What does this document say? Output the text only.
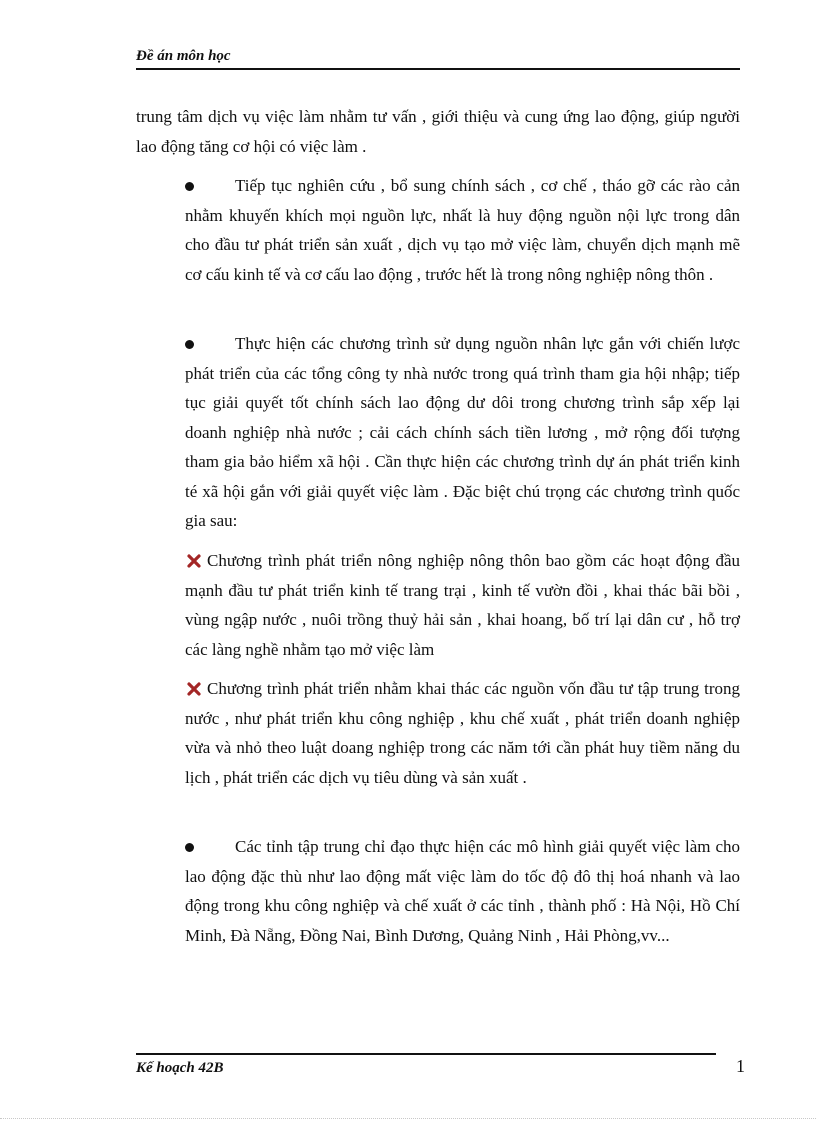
Đề án môn học
trung tâm dịch vụ việc làm nhằm tư vấn , giới thiệu và cung ứng lao động, giúp người lao động tăng cơ hội có việc làm .
Tiếp tục nghiên cứu , bổ sung chính sách , cơ chế , tháo gỡ các rào cản nhằm khuyến khích mọi nguồn lực, nhất là huy động nguồn nội lực trong dân cho đầu tư phát triển sản xuất , dịch vụ tạo mở việc làm, chuyển dịch mạnh mẽ cơ cấu kinh tế và cơ cấu lao động , trước hết là trong nông nghiệp nông thôn .
Thực hiện các chương trình sử dụng nguồn nhân lực gắn với chiến lược phát triển của các tổng công ty nhà nước trong quá trình tham gia hội nhập; tiếp tục giải quyết tốt chính sách lao động dư dôi trong chương trình sắp xếp lại doanh nghiệp nhà nước ; cải cách chính sách tiền lương , mở rộng đối tượng tham gia bảo hiểm xã hội . Cần thực hiện các chương trình dự án phát triển kinh té xã hội gắn với giải quyết việc làm . Đặc biệt chú trọng các chương trình quốc gia sau:
Chương trình phát triển nông nghiệp nông thôn bao gồm các hoạt động đầu mạnh đầu tư phát triển kinh tế trang trại , kinh tế vườn đồi , khai thác bãi bồi , vùng ngập nước , nuôi trồng thuỷ hải sản , khai hoang, bố trí lại dân cư , hỗ trợ các làng nghề nhằm tạo mở việc làm
Chương trình phát triển nhằm khai thác các nguồn vốn đầu tư tập trung trong nước , như phát triển khu công nghiệp , khu chế xuất , phát triển doanh nghiệp vừa và nhỏ theo luật doang nghiệp trong các năm tới cần phát huy tiềm năng du lịch , phát triển các dịch vụ tiêu dùng và sản xuất .
Các tỉnh tập trung chỉ đạo thực hiện các mô hình giải quyết việc làm cho lao động đặc thù như lao động mất việc làm do tốc độ đô thị hoá nhanh và lao động trong khu công nghiệp và chế xuất ở các tỉnh , thành phố : Hà Nội, Hồ Chí Minh, Đà Nẵng, Đồng Nai, Bình Dương, Quảng Ninh , Hải Phòng,vv...
Kế hoạch 42B	1
